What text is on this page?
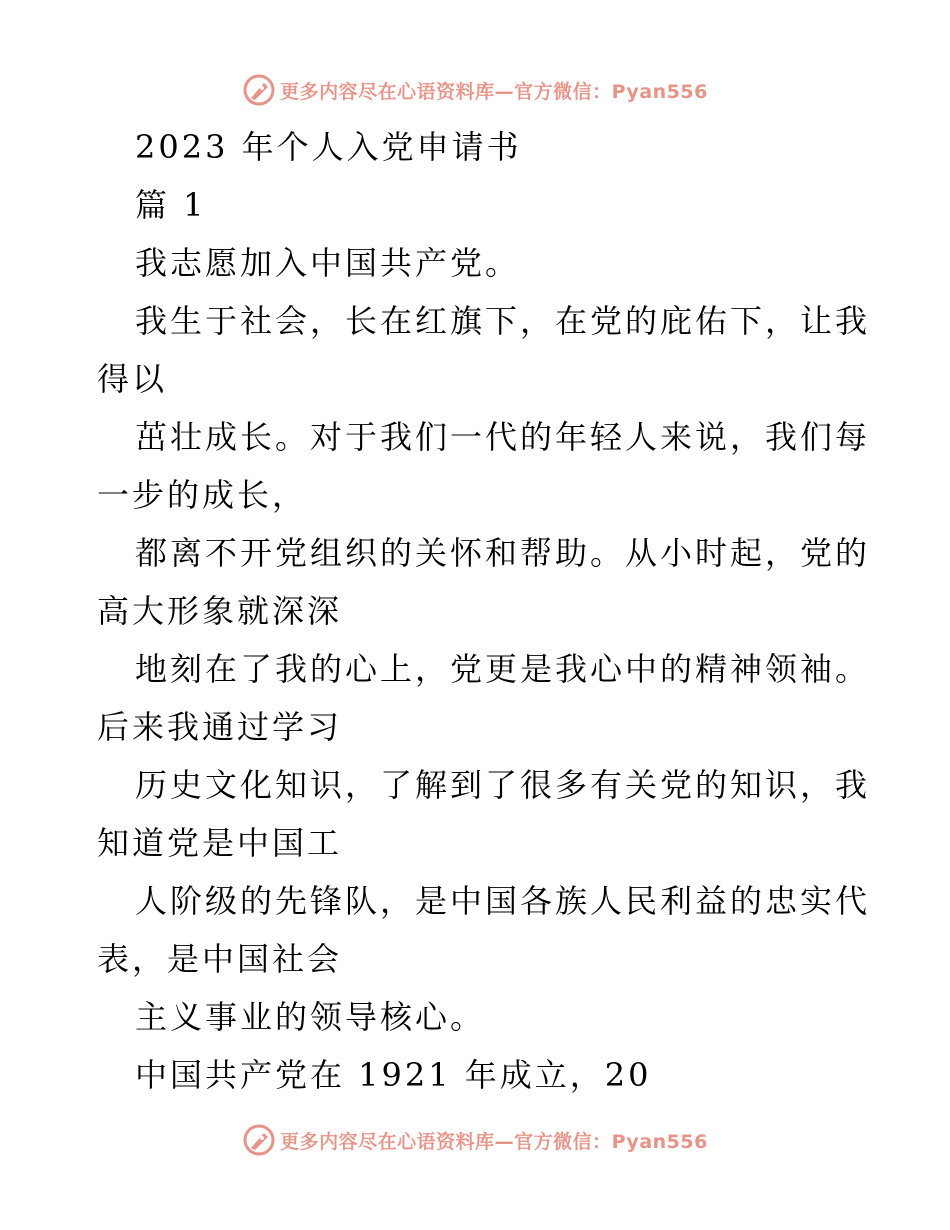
更多内容尽在心语资料库—官方微信：Pyan556
2023 年个人入党申请书
篇 1
我志愿加入中国共产党。
我生于社会，长在红旗下，在党的庇佑下，让我
得以
茁壮成长。对于我们一代的年轻人来说，我们每
一步的成长，
都离不开党组织的关怀和帮助。从小时起，党的
高大形象就深深
地刻在了我的心上，党更是我心中的精神领袖。
后来我通过学习
历史文化知识，了解到了很多有关党的知识，我
知道党是中国工
人阶级的先锋队，是中国各族人民利益的忠实代
表，是中国社会
主义事业的领导核心。
中国共产党在 1921 年成立，20
更多内容尽在心语资料库—官方微信：Pyan556
